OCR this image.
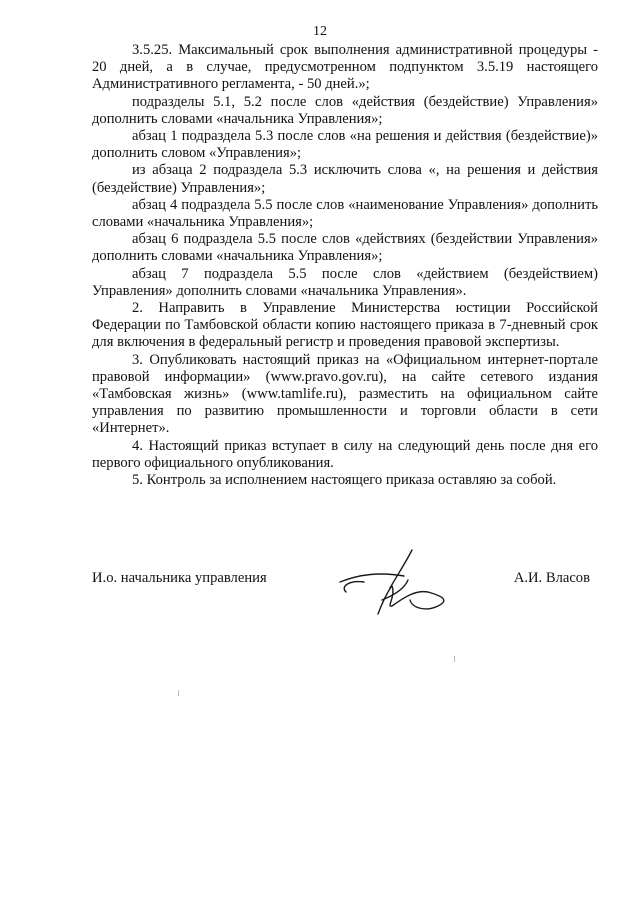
12

3.5.25. Максимальный срок выполнения административной процедуры - 20 дней, а в случае, предусмотренном подпунктом 3.5.19 настоящего Административного регламента, - 50 дней.»;

подразделы 5.1, 5.2 после слов «действия (бездействие) Управления» дополнить словами «начальника Управления»;

абзац 1 подраздела 5.3 после слов «на решения и действия (бездействие)» дополнить словом «Управления»;

из абзаца 2 подраздела 5.3 исключить слова «, на решения и действия (бездействие) Управления»;

абзац 4 подраздела 5.5 после слов «наименование Управления» дополнить словами «начальника Управления»;

абзац 6 подраздела 5.5 после слов «действиях (бездействии Управления» дополнить словами «начальника Управления»;

абзац 7 подраздела 5.5 после слов «действием (бездействием) Управления» дополнить словами «начальника Управления».

2. Направить в Управление Министерства юстиции Российской Федерации по Тамбовской области копию настоящего приказа в 7-дневный срок для включения в федеральный регистр и проведения правовой экспертизы.

3. Опубликовать настоящий приказ на «Официальном интернет-портале правовой информации» (www.pravo.gov.ru), на сайте сетевого издания «Тамбовская жизнь» (www.tamlife.ru), разместить на официальном сайте управления по развитию промышленности и торговли области в сети «Интернет».

4. Настоящий приказ вступает в силу на следующий день после дня его первого официального опубликования.

5. Контроль за исполнением настоящего приказа оставляю за собой.

И.о. начальника управления	А.И. Власов
